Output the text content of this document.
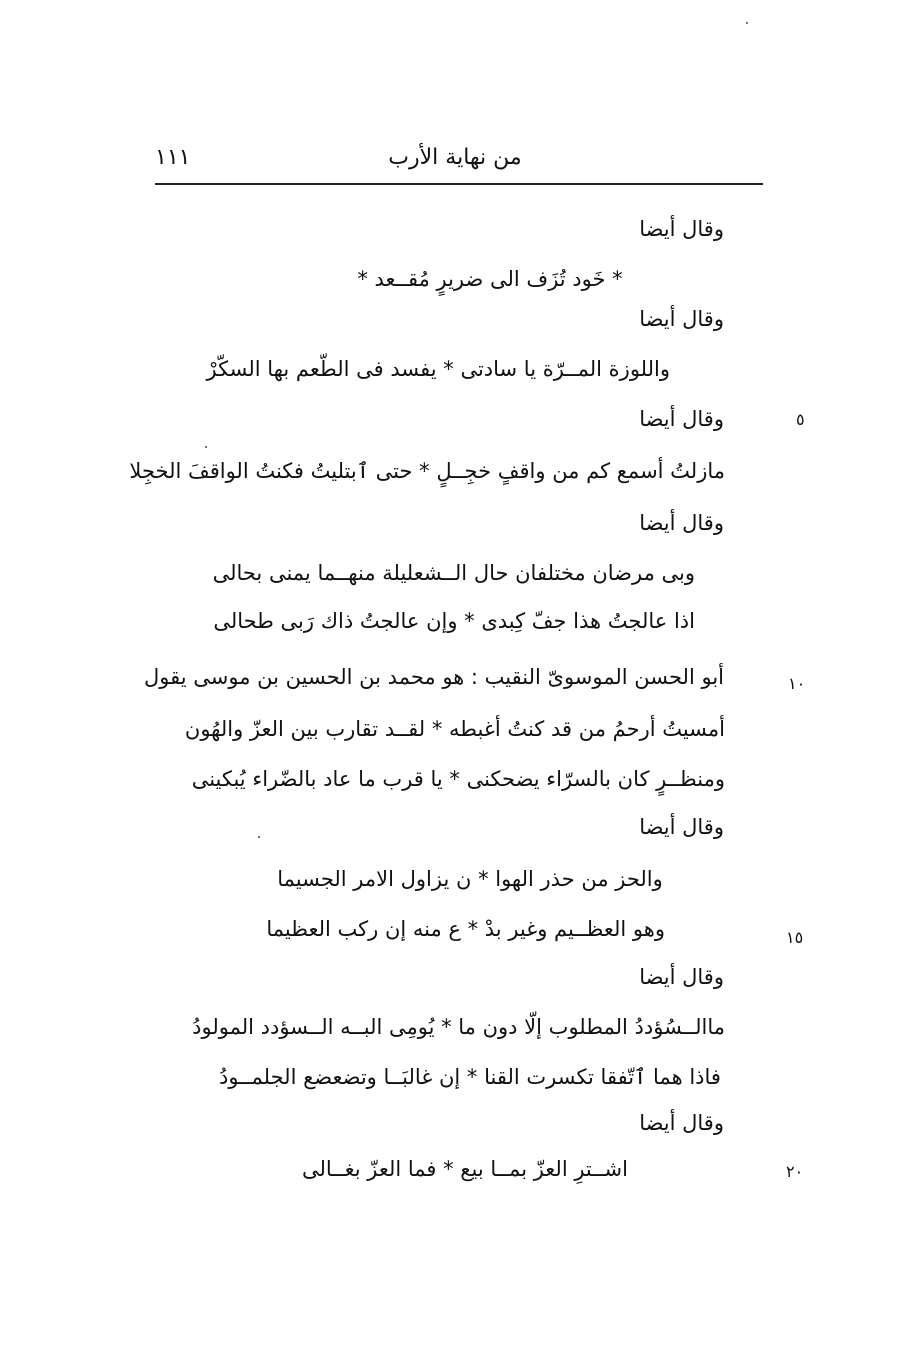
١١١	من نهاية الأرب
وقال أيضا
* خَود تُزَف الى ضريرٍ مُقــعد *
وقال أيضا
واللوزة المــرّة يا سادتى * يفسد فى الطّعم بها السكّرْ
وقال أيضا
مازلتُ أسمع كم من واقفٍ خجِــلٍ * حتى ٱبتليتُ فكنتُ الواقفَ الخجِلا
وقال أيضا
وبى مرضان مختلفان حال الــشعليلة منهــما يمنى بحالى
اذا عالجتُ هذا جفّ كِبدى * وإن عالجتُ ذاك رَبى طحالى
أبو الحسن الموسوىّ النقيب : هو محمد بن الحسين بن موسى يقول
أمسيتُ أرحمُ من قد كنتُ أغبطه * لقــد تقارب بين العزّ والهُون
ومنظــرٍ كان بالسرّاء يضحكنى * يا قرب ما عاد بالضّراء يُبكينى
وقال أيضا
والحز من حذر الهوا * ن يزاول الامر الجسيما
وهو العظــيم وغير بدْ * ع منه إن ركب العظيما
وقال أيضا
ماالــسُؤددُ المطلوب إلّا دون ما * يُومِى البــه الــسؤدد المولودُ
فاذا هما ٱتّفقا تكسرت القنا * إن غالبَــا وتضعضع الجلمــودُ
وقال أيضا
اشــترِ العزّ بمــا بيع * فما العزّ بغــالى
٥
١٠
١٥
٢٠
